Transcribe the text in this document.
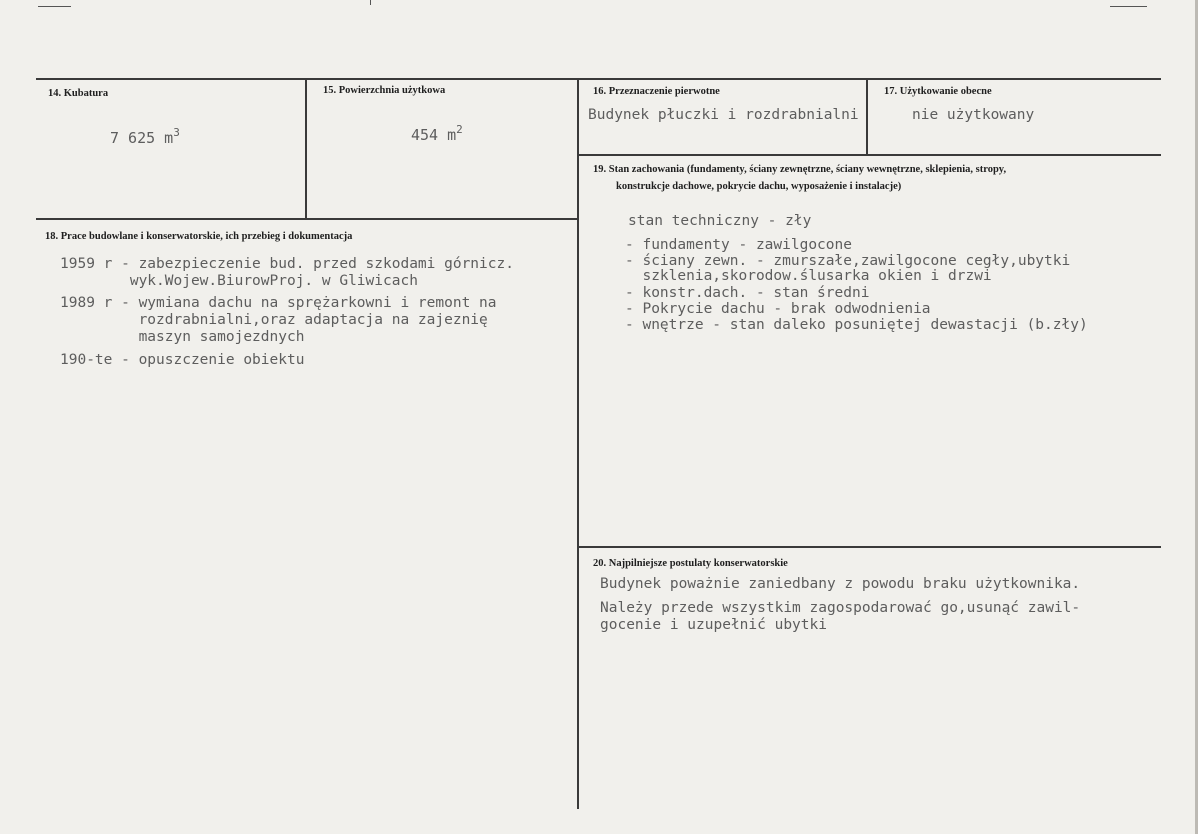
14. Kubatura
7 625 $m^3$
15. Powierzchnia użytkowa
454 $m^2$
16. Przeznaczenie pierwotne
Budynek płuczki i rozdrabnialni
17. Użytkowanie obecne
nie użytkowany
18. Prace budowlane i konserwatorskie, ich przebieg i dokumentacja
1959 r - zabezpieczenie bud. przed szkodami górnicz.
wyk.Wojew.BiurowProj. w Gliwicach
1989 r - wymiana dachu na sprężarkowni i remont na
rozdrabnialni,oraz adaptacja na zajeznię
maszyn samojezdnych
190-te - opuszczenie obiektu
19. Stan zachowania (fundamenty, ściany zewnętrzne, ściany wewnętrzne, sklepienia, stropy,
konstrukcje dachowe, pokrycie dachu, wyposażenie i instalacje)
stan techniczny - zły
- fundamenty - zawilgocone
- ściany zewn. - zmurszałe,zawilgocone cegły,ubytki
szklenia,skorodow.ślusarka okien i drzwi
- konstr.dach. - stan średni
- Pokrycie dachu - brak odwodnienia
- wnętrze - stan daleko posuniętej dewastacji (b.zły)
20. Najpilniejsze postulaty konserwatorskie
Budynek poważnie zaniedbany z powodu braku użytkownika.
Należy przede wszystkim zagospodarować go,usunąć zawil-
gocenie i uzupełnić ubytki
